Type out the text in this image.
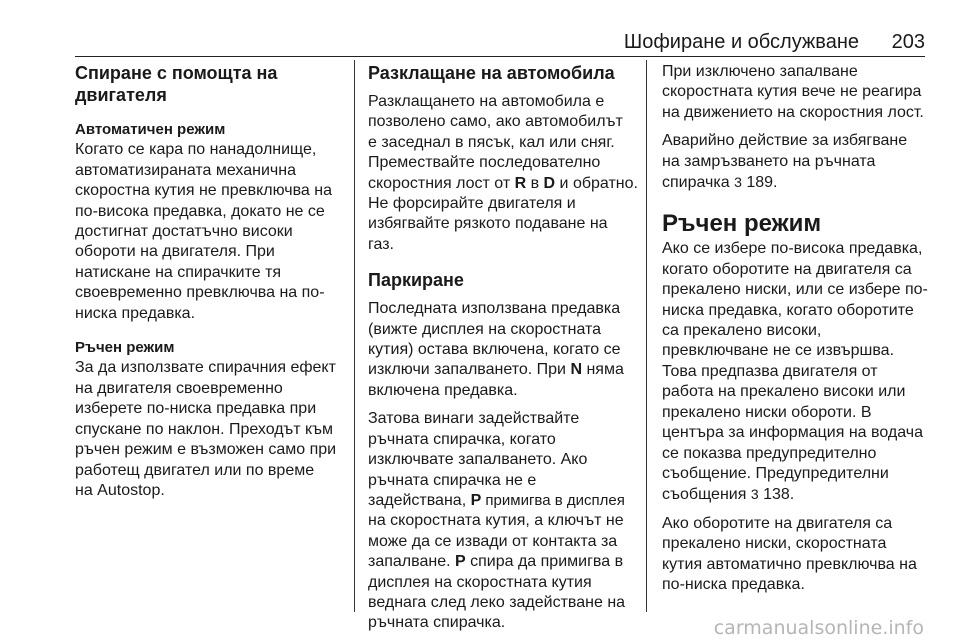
Шофиране и обслужване 203

Спиране с помощта на
двигателя

Автоматичен режим

Когато се кара по нанадолнище,
автоматизираната механична
скоростна кутия не превключва на
по-висока предавка, докато не се
достигнат достатъчно високи
обороти на двигателя. При
натискане на спирачките тя
своевременно превключва на по-
ниска предавка.

Ръчен режим

За да използвате спирачния ефект
на двигателя своевременно
изберете по-ниска предавка при
спускане по наклон. Преходът към
ръчен режим е възможен само при
работещ двигател или по време
на Autostop.

Разклащане на автомобила

Разклащането на автомобила е
позволено само, ако автомобилът
е заседнал в пясък, кал или сняг.
Премествайте последователно
скоростния лост от R в D и обратно.
Не форсирайте двигателя и
избягвайте рязкото подаване на
газ.

Паркиране

Последната използвана предавка
(вижте дисплея на скоростната
кутия) остава включена, когато се
изключи запалването. При N няма
включена предавка.

Затова винаги задействайте
ръчната спирачка, когато
изключвате запалването. Ако
ръчната спирачка не е
задействана, P примигва в дисплея
на скоростната кутия, а ключът не
може да се извади от контакта за
запалване. P спира да примигва в
дисплея на скоростната кутия
веднага след леко задействане на
ръчната спирачка.

При изключено запалване
скоростната кутия вече не реагира
на движението на скоростния лост.

Аварийно действие за избягване
на замръзването на ръчната
спирачка 3 189.

Ръчен режим

Ако се избере по-висока предавка,
когато оборотите на двигателя са
прекалено ниски, или се избере по-
ниска предавка, когато оборотите
са прекалено високи,
превключване не се извършва.
Това предпазва двигателя от
работа на прекалено високи или
прекалено ниски обороти. В
центъра за информация на водача
се показва предупредително
съобщение. Предупредителни
съобщения 3 138.

Ако оборотите на двигателя са
прекалено ниски, скоростната
кутия автоматично превключва на
по-ниска предавка.

carmanualsonline.info
